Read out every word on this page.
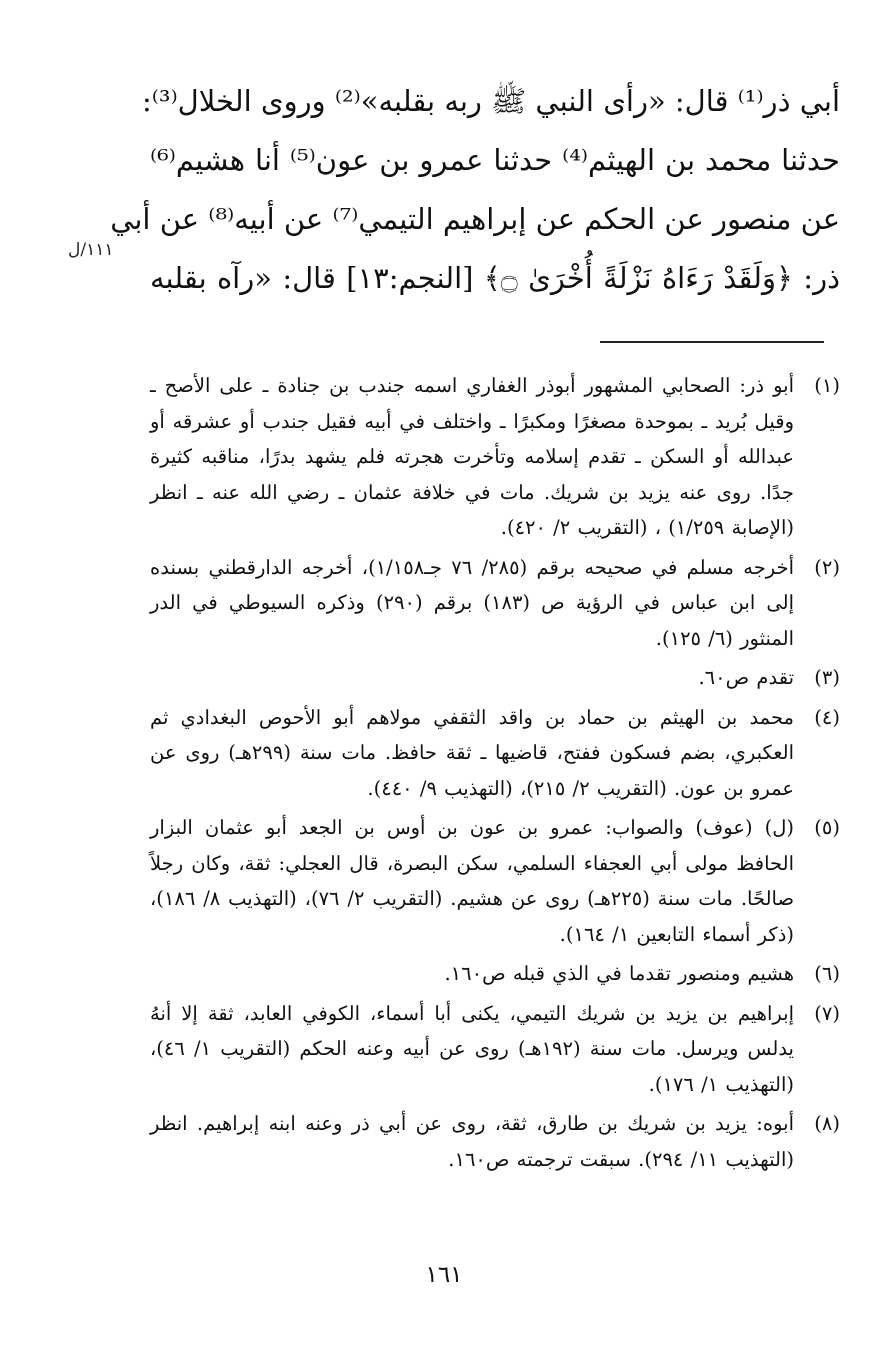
أبي ذر⁽¹⁾ قال: «رأى النبي ﷺ ربه بقلبه»⁽²⁾ وروى الخلال⁽³⁾:
حدثنا محمد بن الهيثم⁽⁴⁾ حدثنا عمرو بن عون⁽⁵⁾ أنا هشيم⁽⁶⁾
عن منصور عن الحكم عن إبراهيم التيمي⁽⁷⁾ عن أبيه⁽⁸⁾ عن أبي
ذر: ﴿وَلَقَدْ رَءَاهُ نَزْلَةً أُخْرَىٰ ۝﴾ [النجم:١٣] قال: «رآه بقلبه
١١١/ل
(١)
أبو ذر: الصحابي المشهور أبوذر الغفاري اسمه جندب بن جنادة ـ على الأصح ـ وقيل بُريد ـ بموحدة مصغرًا ومكبرًا ـ واختلف في أبيه فقيل جندب أو عشرقه أو عبدالله أو السكن ـ تقدم إسلامه وتأخرت هجرته فلم يشهد بدرًا، مناقبه كثيرة جدًا. روى عنه يزيد بن شريك. مات في خلافة عثمان ـ رضي الله عنه ـ انظر (الإصابة ١/٢٥٩) ، (التقريب ٢/ ٤٢٠).
(٢)
أخرجه مسلم في صحيحه برقم (٢٨٥/ ٧٦ جـ١/١٥٨)، أخرجه الدارقطني بسنده إلى ابن عباس في الرؤية ص (١٨٣) برقم (٢٩٠) وذكره السيوطي في الدر المنثور (٦/ ١٢٥).
(٣)
تقدم ص٦٠.
(٤)
محمد بن الهيثم بن حماد بن واقد الثقفي مولاهم أبو الأحوص البغدادي ثم العكبري، بضم فسكون ففتح، قاضيها ـ ثقة حافظ. مات سنة (٢٩٩هـ) روى عن عمرو بن عون. (التقريب ٢/ ٢١٥)، (التهذيب ٩/ ٤٤٠).
(٥)
(ل) (عوف) والصواب: عمرو بن عون بن أوس بن الجعد أبو عثمان البزار الحافظ مولى أبي العجفاء السلمي، سكن البصرة، قال العجلي: ثقة، وكان رجلاً صالحًا. مات سنة (٢٢٥هـ) روى عن هشيم. (التقريب ٢/ ٧٦)، (التهذيب ٨/ ١٨٦)، (ذكر أسماء التابعين ١/ ١٦٤).
(٦)
هشيم ومنصور تقدما في الذي قبله ص١٦٠.
(٧)
إبراهيم بن يزيد بن شريك التيمي، يكنى أبا أسماء، الكوفي العابد، ثقة إلا أنهُ يدلس ويرسل. مات سنة (١٩٢هـ) روى عن أبيه وعنه الحكم (التقريب ١/ ٤٦)، (التهذيب ١/ ١٧٦).
(٨)
أبوه: يزيد بن شريك بن طارق، ثقة، روى عن أبي ذر وعنه ابنه إبراهيم. انظر (التهذيب ١١/ ٢٩٤). سبقت ترجمته ص١٦٠.
١٦١
